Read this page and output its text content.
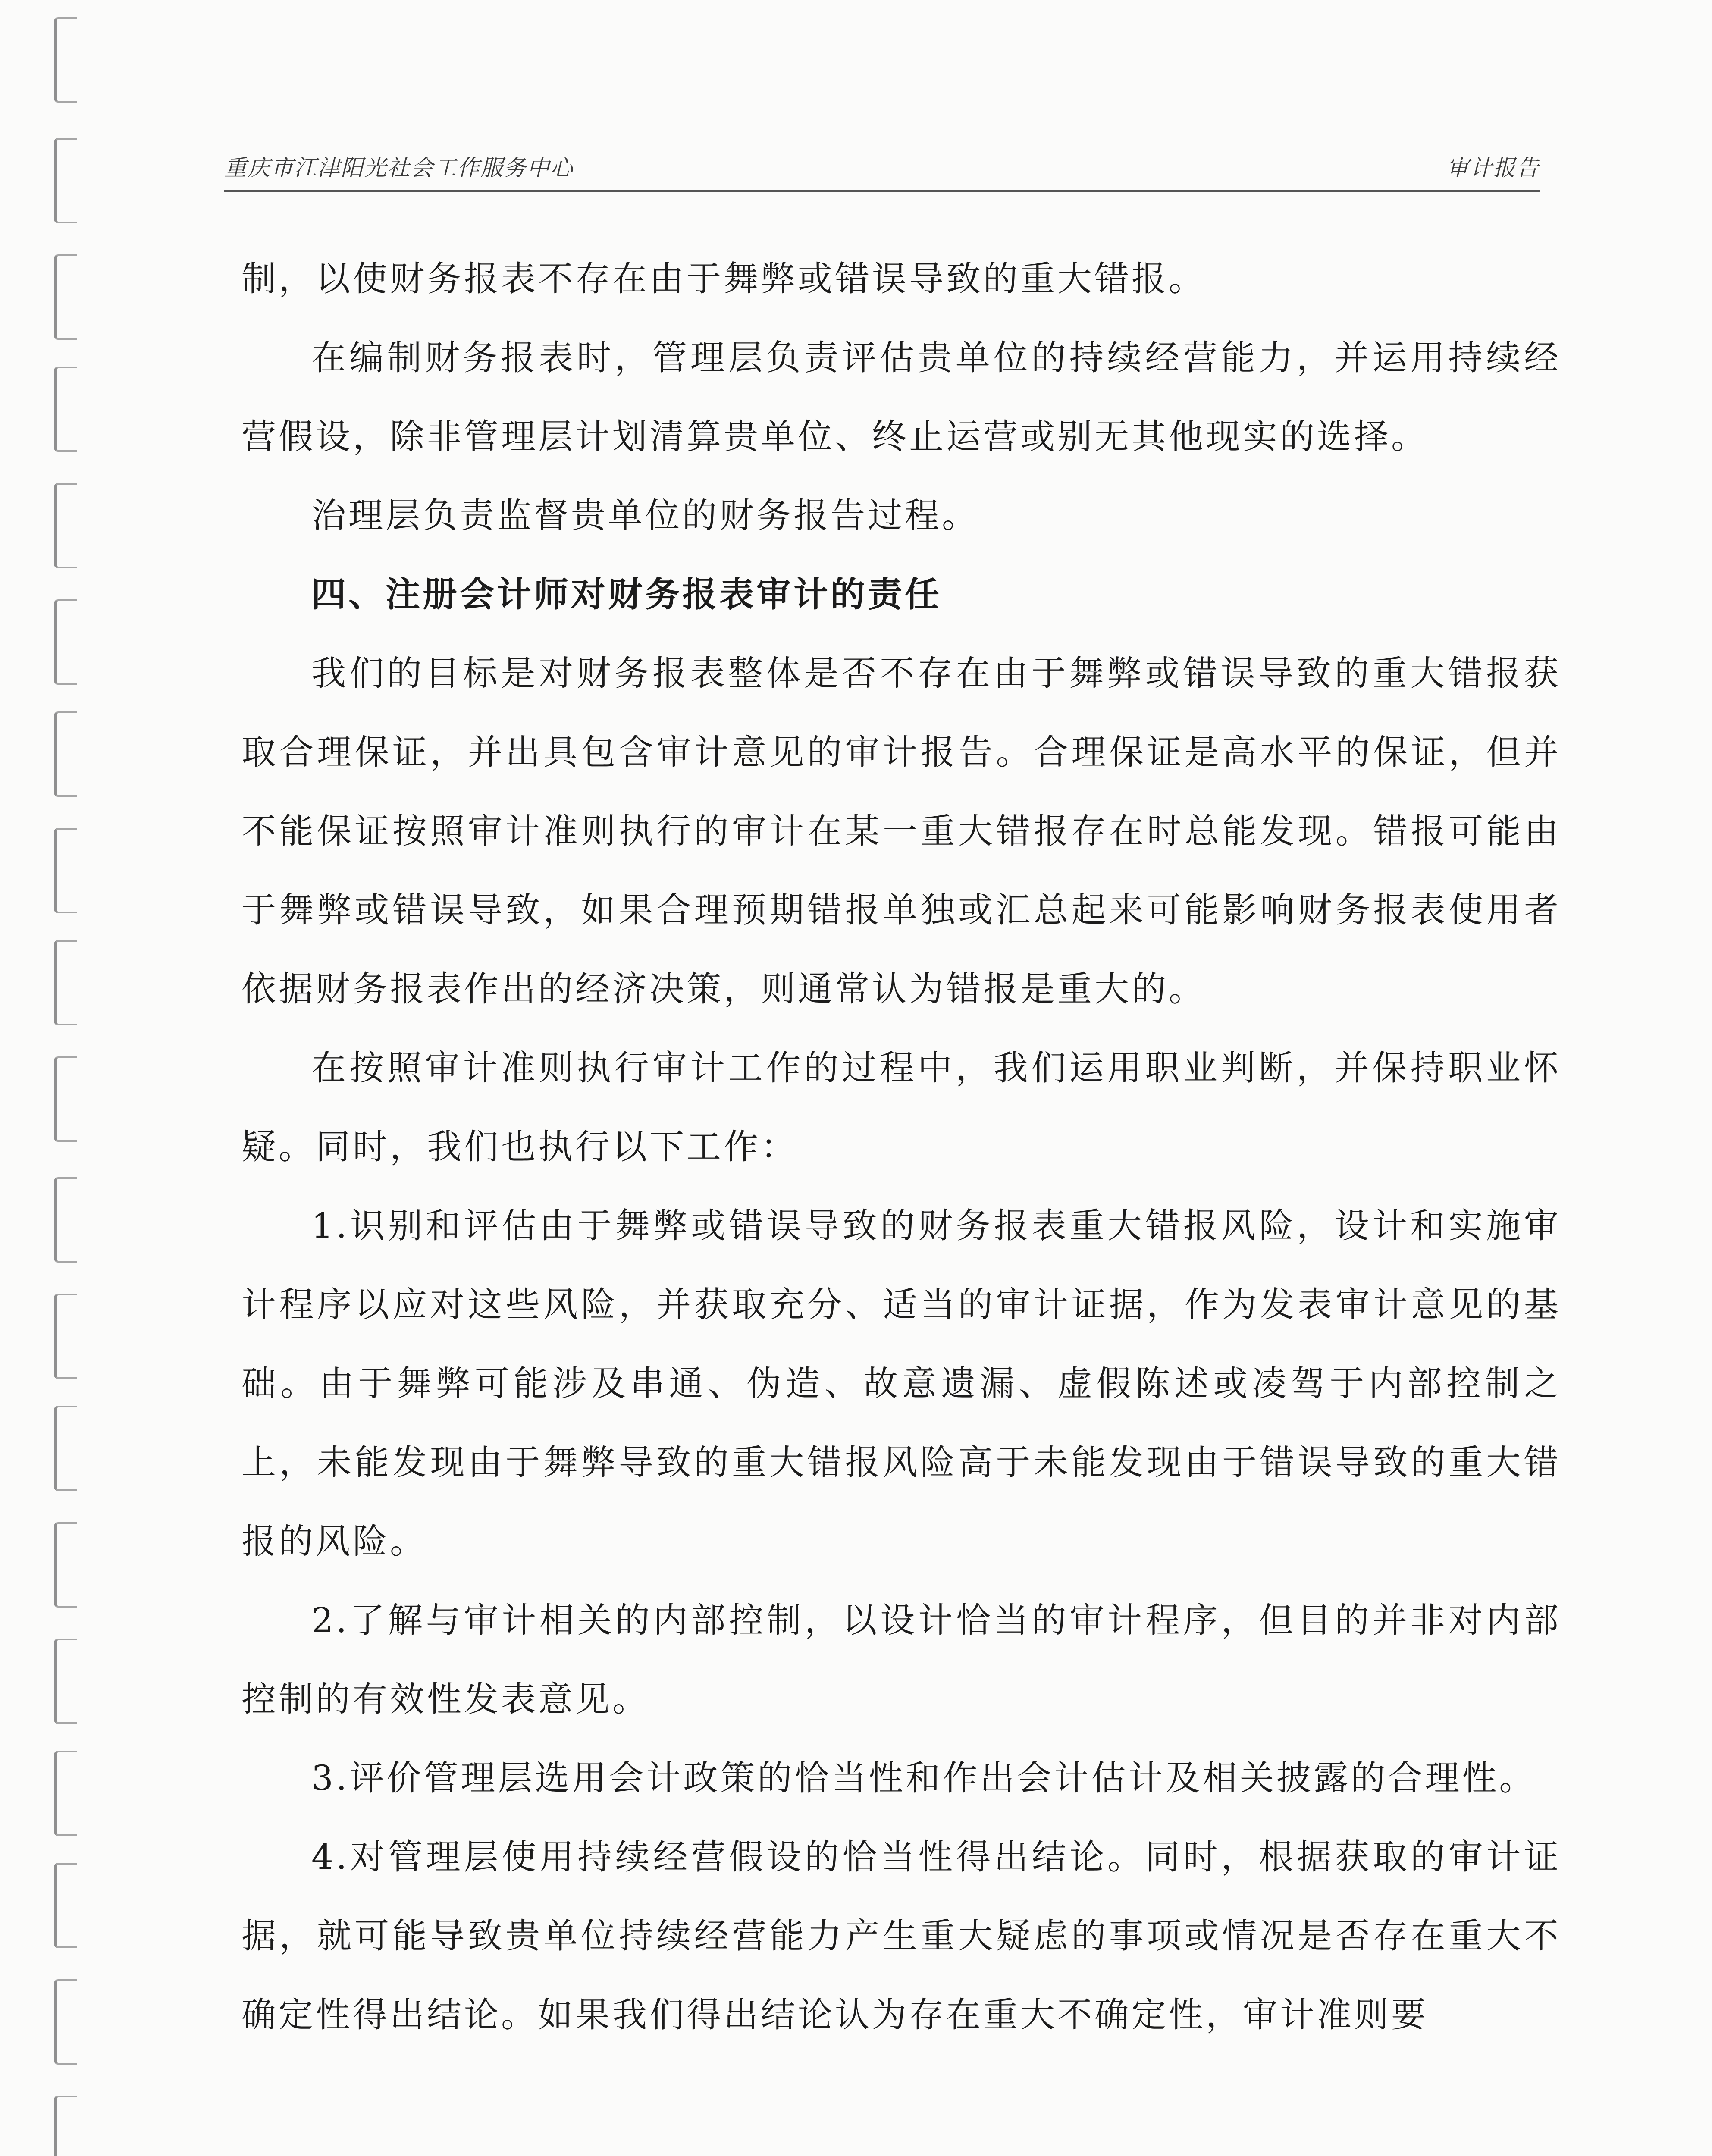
重庆市江津阳光社会工作服务中心	审计报告

制，以使财务报表不存在由于舞弊或错误导致的重大错报。

在编制财务报表时，管理层负责评估贵单位的持续经营能力，并运用持续经营假设，除非管理层计划清算贵单位、终止运营或别无其他现实的选择。

治理层负责监督贵单位的财务报告过程。

四、注册会计师对财务报表审计的责任

我们的目标是对财务报表整体是否不存在由于舞弊或错误导致的重大错报获取合理保证，并出具包含审计意见的审计报告。合理保证是高水平的保证，但并不能保证按照审计准则执行的审计在某一重大错报存在时总能发现。错报可能由于舞弊或错误导致，如果合理预期错报单独或汇总起来可能影响财务报表使用者依据财务报表作出的经济决策，则通常认为错报是重大的。

在按照审计准则执行审计工作的过程中，我们运用职业判断，并保持职业怀疑。同时，我们也执行以下工作：

1.识别和评估由于舞弊或错误导致的财务报表重大错报风险，设计和实施审计程序以应对这些风险，并获取充分、适当的审计证据，作为发表审计意见的基础。由于舞弊可能涉及串通、伪造、故意遗漏、虚假陈述或凌驾于内部控制之上，未能发现由于舞弊导致的重大错报风险高于未能发现由于错误导致的重大错报的风险。

2.了解与审计相关的内部控制，以设计恰当的审计程序，但目的并非对内部控制的有效性发表意见。

3.评价管理层选用会计政策的恰当性和作出会计估计及相关披露的合理性。

4.对管理层使用持续经营假设的恰当性得出结论。同时，根据获取的审计证据，就可能导致贵单位持续经营能力产生重大疑虑的事项或情况是否存在重大不确定性得出结论。如果我们得出结论认为存在重大不确定性，审计准则要
